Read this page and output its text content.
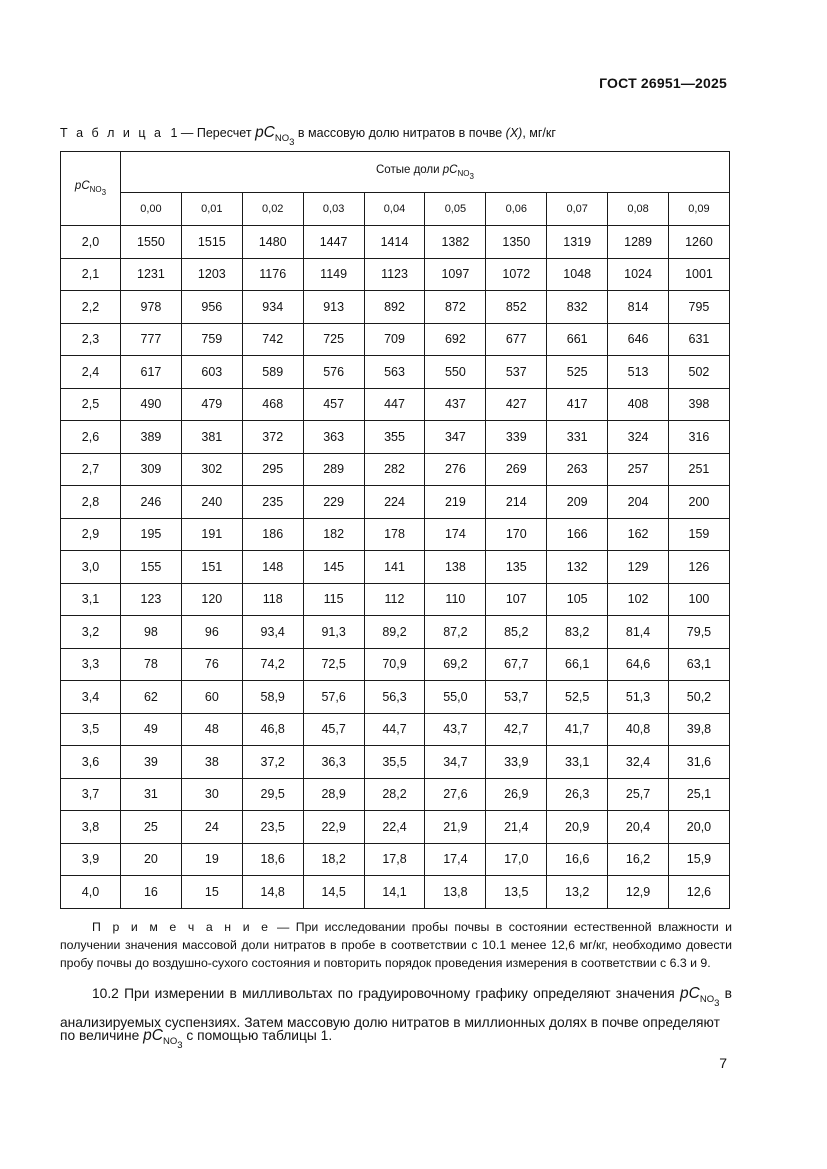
ГОСТ 26951—2025
Т а б л и ц а 1 — Пересчет $pC_{NO_3}$ в массовую долю нитратов в почве (X), мг/кг
$pC_{NO_3}$	Сотые доли $pC_{NO_3}$
	0,00	0,01	0,02	0,03	0,04	0,05	0,06	0,07	0,08	0,09
2,0	1550	1515	1480	1447	1414	1382	1350	1319	1289	1260
2,1	1231	1203	1176	1149	1123	1097	1072	1048	1024	1001
2,2	978	956	934	913	892	872	852	832	814	795
2,3	777	759	742	725	709	692	677	661	646	631
2,4	617	603	589	576	563	550	537	525	513	502
2,5	490	479	468	457	447	437	427	417	408	398
2,6	389	381	372	363	355	347	339	331	324	316
2,7	309	302	295	289	282	276	269	263	257	251
2,8	246	240	235	229	224	219	214	209	204	200
2,9	195	191	186	182	178	174	170	166	162	159
3,0	155	151	148	145	141	138	135	132	129	126
3,1	123	120	118	115	112	110	107	105	102	100
3,2	98	96	93,4	91,3	89,2	87,2	85,2	83,2	81,4	79,5
3,3	78	76	74,2	72,5	70,9	69,2	67,7	66,1	64,6	63,1
3,4	62	60	58,9	57,6	56,3	55,0	53,7	52,5	51,3	50,2
3,5	49	48	46,8	45,7	44,7	43,7	42,7	41,7	40,8	39,8
3,6	39	38	37,2	36,3	35,5	34,7	33,9	33,1	32,4	31,6
3,7	31	30	29,5	28,9	28,2	27,6	26,9	26,3	25,7	25,1
3,8	25	24	23,5	22,9	22,4	21,9	21,4	20,9	20,4	20,0
3,9	20	19	18,6	18,2	17,8	17,4	17,0	16,6	16,2	15,9
4,0	16	15	14,8	14,5	14,1	13,8	13,5	13,2	12,9	12,6
П р и м е ч а н и е — При исследовании пробы почвы в состоянии естественной влажности и получении значения массовой доли нитратов в пробе в соответствии с 10.1 менее 12,6 мг/кг, необходимо довести пробу почвы до воздушно-сухого состояния и повторить порядок проведения измерения в соответствии с 6.3 и 9.
10.2 При измерении в милливольтах по градуировочному графику определяют значения $pC_{NO_3}$ в анализируемых суспензиях. Затем массовую долю нитратов в миллионных долях в почве определяют
по величине $pC_{NO_3}$ с помощью таблицы 1.
7
